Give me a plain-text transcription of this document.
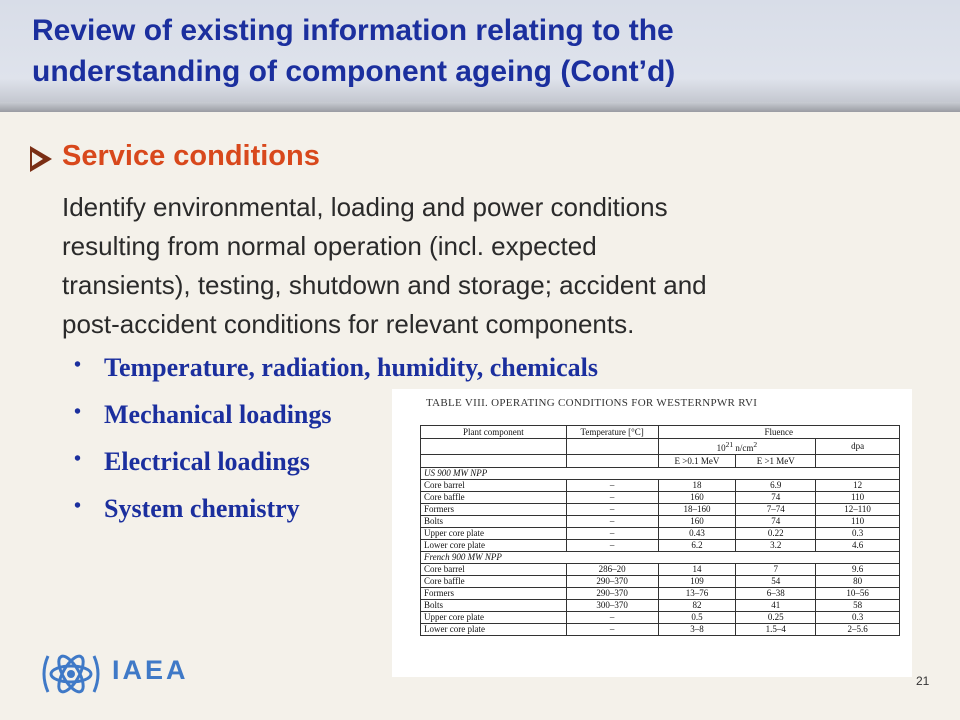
Review of existing information relating to the
understanding of component ageing (Cont’d)
Service conditions

Identify environmental, loading and power conditions
resulting from normal operation (incl. expected
transients), testing, shutdown and storage; accident and
post-accident conditions for relevant components.

• Temperature, radiation, humidity, chemicals
• Mechanical loadings
• Electrical loadings
• System chemistry
TABLE VIII. OPERATING CONDITIONS FOR WESTERNPWR RVI
Plant component	Temperature [°C]	Fluence		
		$10^{21}$ $n/cm^2$		dpa
		E >0.1 MeV	E >1 MeV	
US 900 MW NPP				
Core barrel	–	18	6.9	12
Core baffle	–	160	74	110
Formers	–	18–160	7–74	12–110
Bolts	–	160	74	110
Upper core plate	–	0.43	0.22	0.3
Lower core plate	–	6.2	3.2	4.6
French 900 MW NPP				
Core barrel	286–20	14	7	9.6
Core baffle	290–370	109	54	80
Formers	290–370	13–76	6–38	10–56
Bolts	300–370	82	41	58
Upper core plate	–	0.5	0.25	0.3
Lower core plate	–	3–8	1.5–4	2–5.6
IAEA	21
